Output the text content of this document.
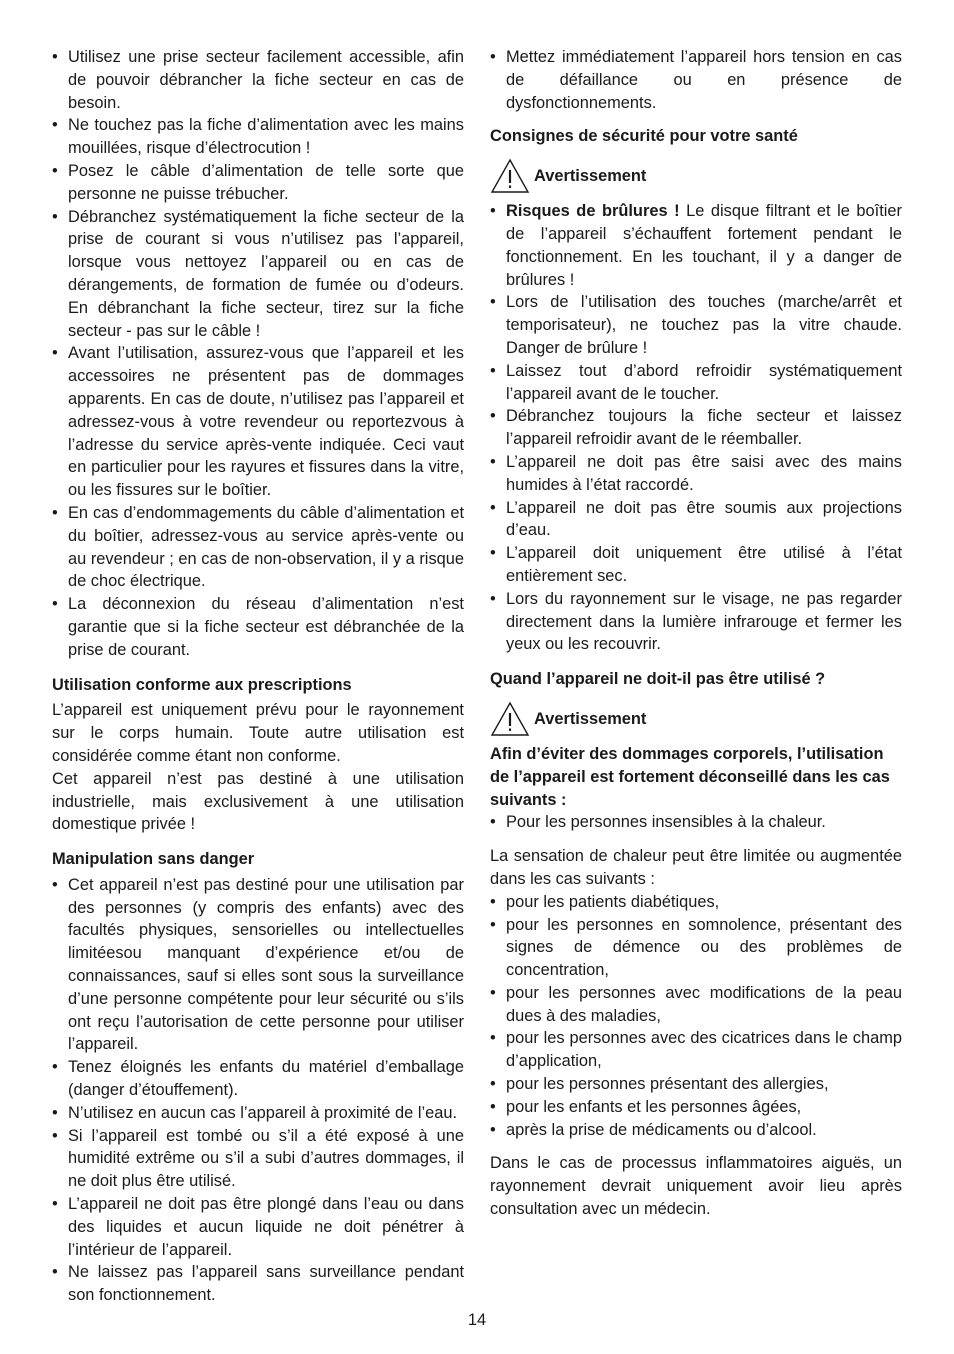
• Utilisez une prise secteur facilement accessible, afin de pouvoir débrancher la fiche secteur en cas de besoin.
• Ne touchez pas la fiche d’alimentation avec les mains mouillées, risque d’électrocution !
• Posez le câble d’alimentation de telle sorte que personne ne puisse trébucher.
• Débranchez systématiquement la fiche secteur de la prise de courant si vous n’utilisez pas l’appareil, lorsque vous nettoyez l’appareil ou en cas de dérangements, de formation de fumée ou d’odeurs. En débranchant la fiche secteur, tirez sur la fiche secteur - pas sur le câble !
• Avant l’utilisation, assurez-vous que l’appareil et les accessoires ne présentent pas de dommages apparents. En cas de doute, n’utilisez pas l’appareil et adressez-vous à votre revendeur ou reportezvous à l’adresse du service après-vente indiquée. Ceci vaut en particulier pour les rayures et fissures dans la vitre, ou les fissures sur le boîtier.
• En cas d’endommagements du câble d’alimentation et du boîtier, adressez-vous au service après-vente ou au revendeur ; en cas de non-observation, il y a risque de choc électrique.
• La déconnexion du réseau d’alimentation n’est garantie que si la fiche secteur est débranchée de la prise de courant.
Utilisation conforme aux prescriptions

L’appareil est uniquement prévu pour le rayonnement sur le corps humain. Toute autre utilisation est considérée comme étant non conforme.

Cet appareil n’est pas destiné à une utilisation industrielle, mais exclusivement à une utilisation domestique privée !

Manipulation sans danger
• Cet appareil n’est pas destiné pour une utilisation par des personnes (y compris des enfants) avec des facultés physiques, sensorielles ou intellectuelles limitéesou manquant d’expérience et/ou de connaissances, sauf si elles sont sous la surveillance d’une personne compétente pour leur sécurité ou s’ils ont reçu l’autorisation de cette personne pour utiliser l’appareil.
• Tenez éloignés les enfants du matériel d’emballage (danger d’étouffement).
• N’utilisez en aucun cas l’appareil à proximité de l’eau.
• Si l’appareil est tombé ou s’il a été exposé à une humidité extrême ou s’il a subi d’autres dommages, il ne doit plus être utilisé.
• L’appareil ne doit pas être plongé dans l’eau ou dans des liquides et aucun liquide ne doit pénétrer à l’intérieur de l’appareil.
• Ne laissez pas l’appareil sans surveillance pendant son fonctionnement.
• Mettez immédiatement l’appareil hors tension en cas de défaillance ou en présence de dysfonctionnements.
Consignes de sécurité pour votre santé
Avertissement
• Risques de brûlures ! Le disque filtrant et le boîtier de l’appareil s’échauffent fortement pendant le fonctionnement. En les touchant, il y a danger de brûlures !
• Lors de l’utilisation des touches (marche/arrêt et temporisateur), ne touchez pas la vitre chaude. Danger de brûlure !
• Laissez tout d’abord refroidir systématiquement l’appareil avant de le toucher.
• Débranchez toujours la fiche secteur et laissez l’appareil refroidir avant de le réemballer.
• L’appareil ne doit pas être saisi avec des mains humides à l’état raccordé.
• L’appareil ne doit pas être soumis aux projections d’eau.
• L’appareil doit uniquement être utilisé à l’état entièrement sec.
• Lors du rayonnement sur le visage, ne pas regarder directement dans la lumière infrarouge et fermer les yeux ou les recouvrir.
Quand l’appareil ne doit-il pas être utilisé ?
Avertissement

Afin d’éviter des dommages corporels, l’utilisation de l’appareil est fortement déconseillé dans les cas suivants :

• Pour les personnes insensibles à la chaleur.

La sensation de chaleur peut être limitée ou augmentée dans les cas suivants :

• pour les patients diabétiques,
• pour les personnes en somnolence, présentant des signes de démence ou des problèmes de concentration,
• pour les personnes avec modifications de la peau dues à des maladies,
• pour les personnes avec des cicatrices dans le champ d’application,
• pour les personnes présentant des allergies,
• pour les enfants et les personnes âgées,
• après la prise de médicaments ou d’alcool.

Dans le cas de processus inflammatoires aiguës, un rayonnement devrait uniquement avoir lieu après consultation avec un médecin.

14
